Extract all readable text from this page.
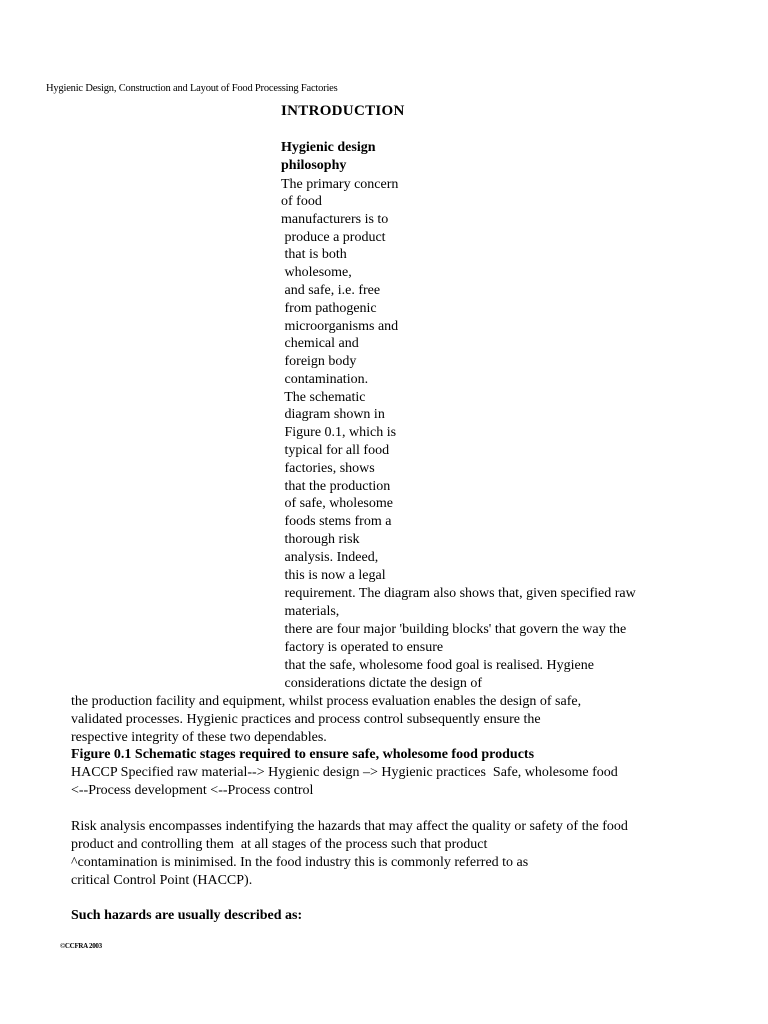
Hygienic Design, Construction and Layout of Food Processing Factories
INTRODUCTION
Hygienic design
philosophy
The primary concern
of food
manufacturers is to
produce a product
that is both
wholesome,
and safe, i.e. free
from pathogenic
microorganisms and
chemical and
foreign body
contamination.
The schematic
diagram shown in
Figure 0.1, which is
typical for all food
factories, shows
that the production
of safe, wholesome
foods stems from a
thorough risk
analysis. Indeed,
this is now a legal
requirement. The diagram also shows that, given specified raw
materials,
there are four major 'building blocks' that govern the way the
factory is operated to ensure
that the safe, wholesome food goal is realised. Hygiene
considerations dictate the design of
the production facility and equipment, whilst process evaluation enables the design of safe,
validated processes. Hygienic practices and process control subsequently ensure the
respective integrity of these two dependables.
Figure 0.1 Schematic stages required to ensure safe, wholesome food products
HACCP Specified raw material--> Hygienic design –> Hygienic practices  Safe, wholesome food
<--Process development <--Process control
Risk analysis encompasses indentifying the hazards that may affect the quality or safety of the food
product and controlling them  at all stages of the process such that product
^contamination is minimised. In the food industry this is commonly referred to as
critical Control Point (HACCP).
Such hazards are usually described as:
©CCFRA 2003
